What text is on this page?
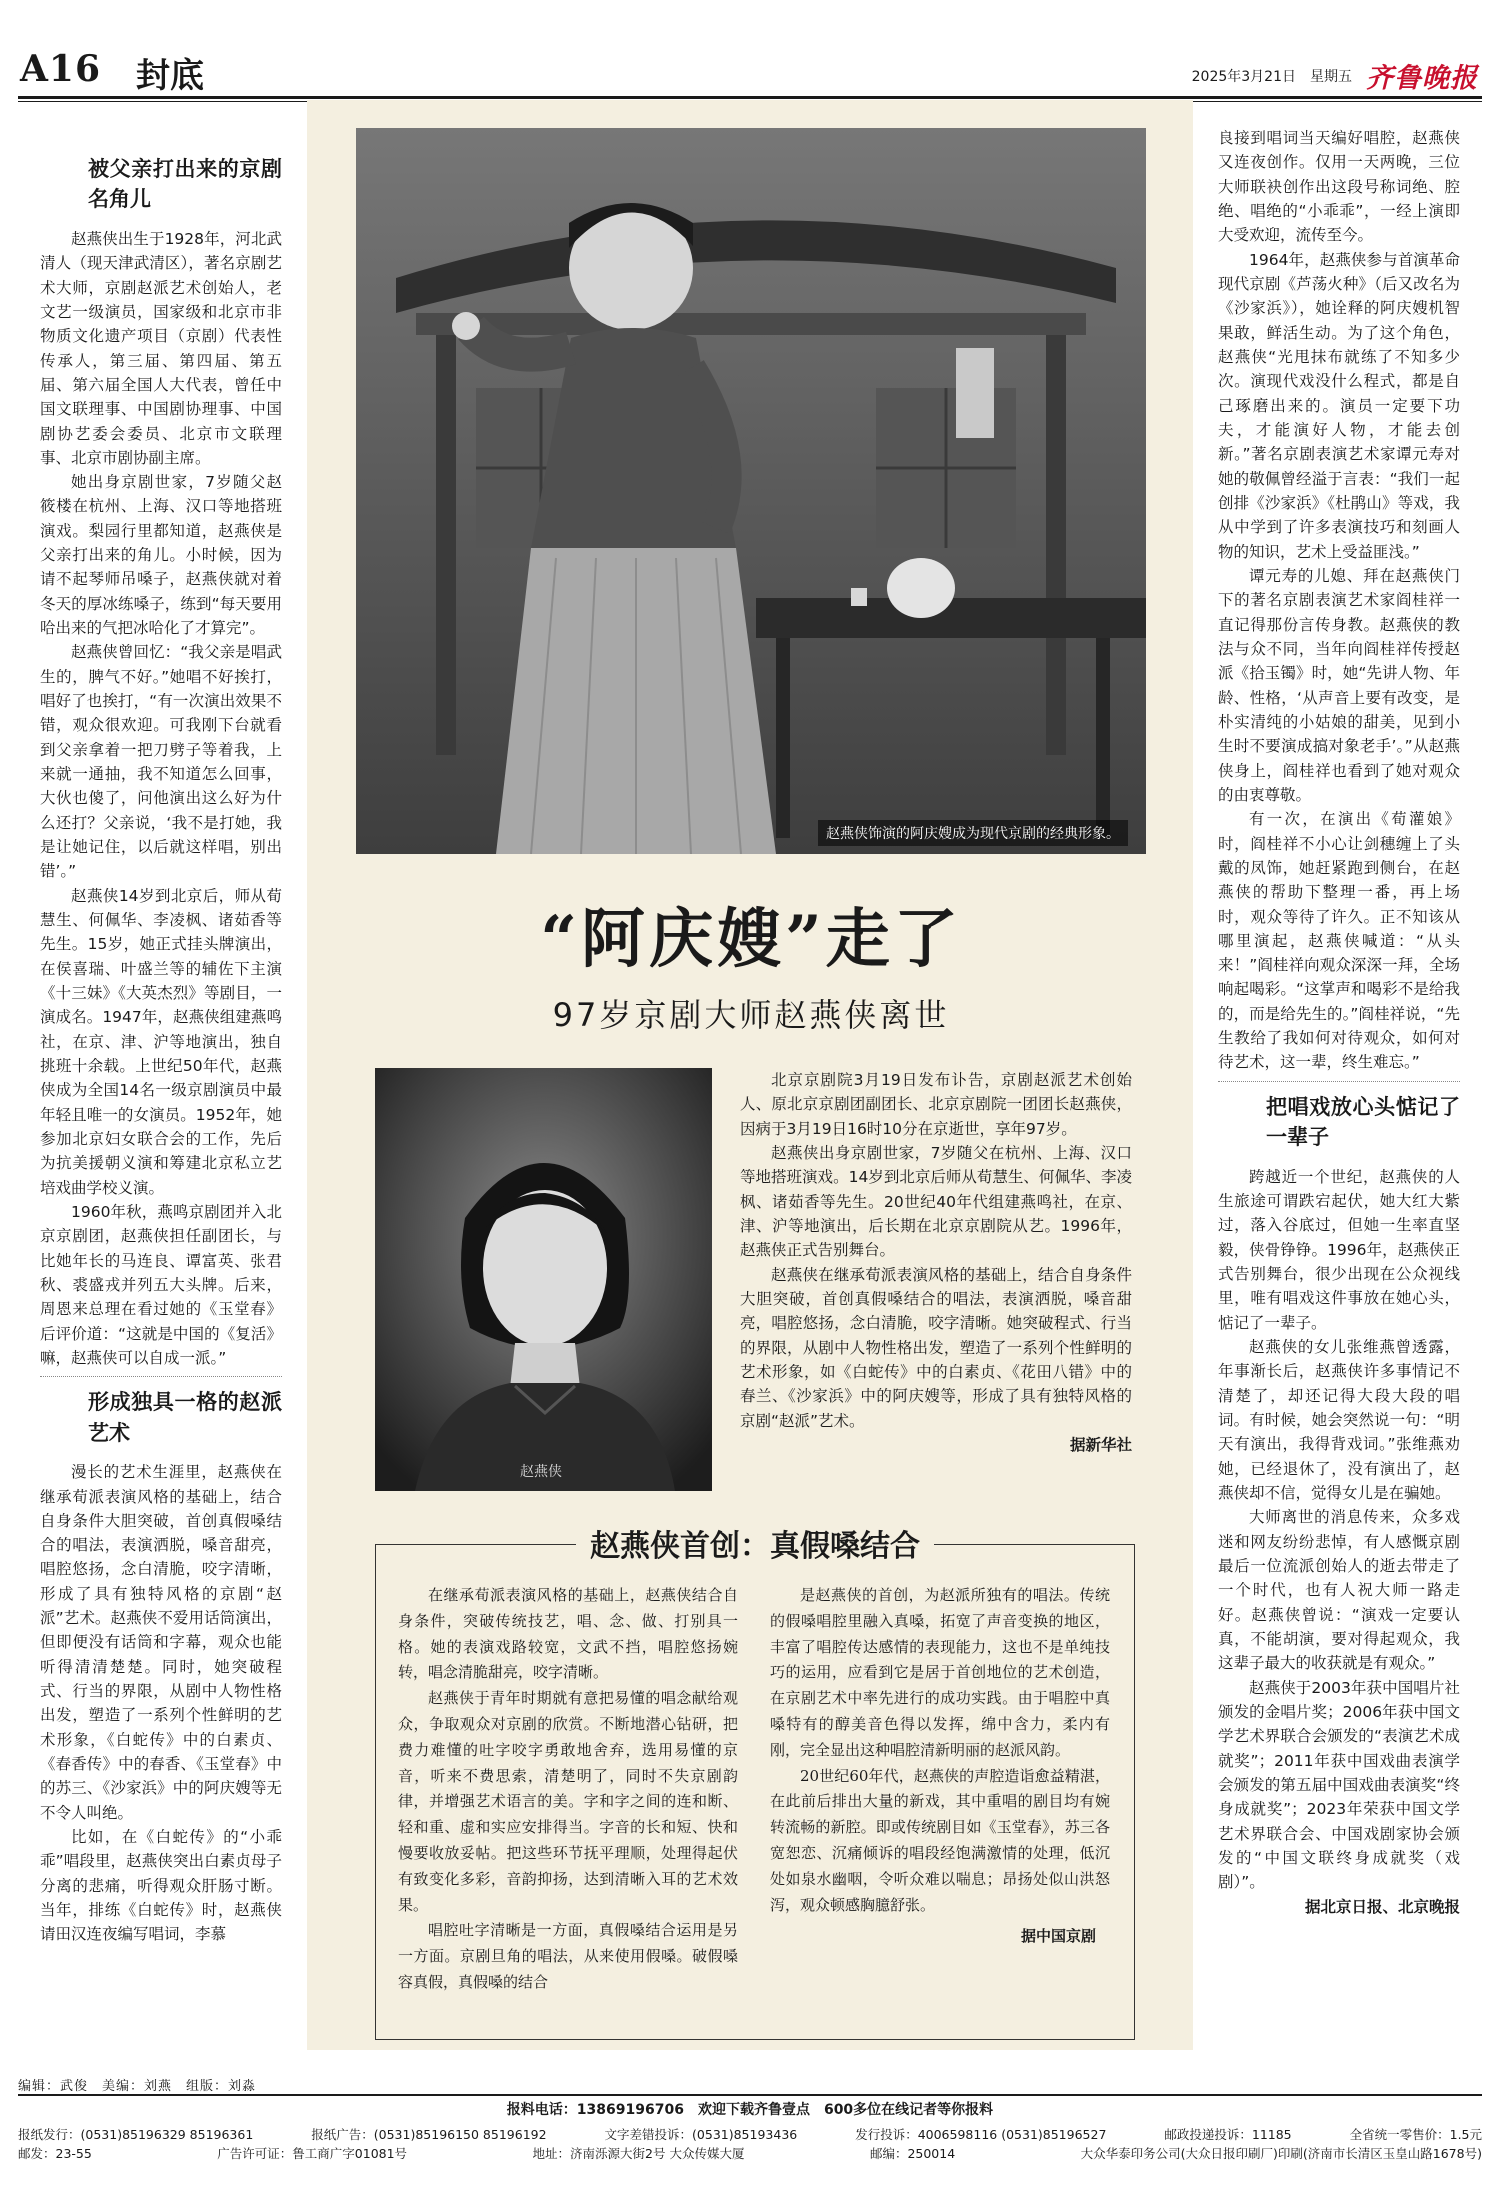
A16 封底	2025年3月21日 星期五 齐鲁晚报
被父亲打出来的京剧名角儿

赵燕侠出生于1928年，河北武清人（现天津武清区），著名京剧艺术大师，京剧赵派艺术创始人，老文艺一级演员，国家级和北京市非物质文化遗产项目（京剧）代表性传承人，第三届、第四届、第五届、第六届全国人大代表，曾任中国文联理事、中国剧协理事、中国剧协艺委会委员、北京市文联理事、北京市剧协副主席。

她出身京剧世家，7岁随父赵筱楼在杭州、上海、汉口等地搭班演戏。梨园行里都知道，赵燕侠是父亲打出来的角儿。小时候，因为请不起琴师吊嗓子，赵燕侠就对着冬天的厚冰练嗓子，练到“每天要用哈出来的气把冰哈化了才算完”。

赵燕侠曾回忆：“我父亲是唱武生的，脾气不好。”她唱不好挨打，唱好了也挨打，“有一次演出效果不错，观众很欢迎。可我刚下台就看到父亲拿着一把刀劈子等着我，上来就一通抽，我不知道怎么回事，大伙也傻了，问他演出这么好为什么还打？父亲说，‘我不是打她，我是让她记住，以后就这样唱，别出错’。”

赵燕侠14岁到北京后，师从荀慧生、何佩华、李凌枫、诸茹香等先生。15岁，她正式挂头牌演出，在侯喜瑞、叶盛兰等的辅佐下主演《十三妹》《大英杰烈》等剧目，一演成名。1947年，赵燕侠组建燕鸣社，在京、津、沪等地演出，独自挑班十余载。上世纪50年代，赵燕侠成为全国14名一级京剧演员中最年轻且唯一的女演员。1952年，她参加北京妇女联合会的工作，先后为抗美援朝义演和筹建北京私立艺培戏曲学校义演。

1960年秋，燕鸣京剧团并入北京京剧团，赵燕侠担任副团长，与比她年长的马连良、谭富英、张君秋、裘盛戎并列五大头牌。后来，周恩来总理在看过她的《玉堂春》后评价道：“这就是中国的《复活》嘛，赵燕侠可以自成一派。”

形成独具一格的赵派艺术

漫长的艺术生涯里，赵燕侠在继承荀派表演风格的基础上，结合自身条件大胆突破，首创真假嗓结合的唱法，表演洒脱，嗓音甜亮，唱腔悠扬，念白清脆，咬字清晰，形成了具有独特风格的京剧“赵派”艺术。赵燕侠不爱用话筒演出，但即便没有话筒和字幕，观众也能听得清清楚楚。同时，她突破程式、行当的界限，从剧中人物性格出发，塑造了一系列个性鲜明的艺术形象，《白蛇传》中的白素贞、《春香传》中的春香、《玉堂春》中的苏三、《沙家浜》中的阿庆嫂等无不令人叫绝。

比如，在《白蛇传》的“小乖乖”唱段里，赵燕侠突出白素贞母子分离的悲痛，听得观众肝肠寸断。当年，排练《白蛇传》时，赵燕侠请田汉连夜编写唱词，李慕

赵燕侠饰演的阿庆嫂成为现代京剧的经典形象。
“阿庆嫂”走了
97岁京剧大师赵燕侠离世
赵燕侠

北京京剧院3月19日发布讣告，京剧赵派艺术创始人、原北京京剧团副团长、北京京剧院一团团长赵燕侠，因病于3月19日16时10分在京逝世，享年97岁。

赵燕侠出身京剧世家，7岁随父在杭州、上海、汉口等地搭班演戏。14岁到北京后师从荀慧生、何佩华、李凌枫、诸茹香等先生。20世纪40年代组建燕鸣社，在京、津、沪等地演出，后长期在北京京剧院从艺。1996年，赵燕侠正式告别舞台。

赵燕侠在继承荀派表演风格的基础上，结合自身条件大胆突破，首创真假嗓结合的唱法，表演洒脱，嗓音甜亮，唱腔悠扬，念白清脆，咬字清晰。她突破程式、行当的界限，从剧中人物性格出发，塑造了一系列个性鲜明的艺术形象，如《白蛇传》中的白素贞、《花田八错》中的春兰、《沙家浜》中的阿庆嫂等，形成了具有独特风格的京剧“赵派”艺术。

据新华社
赵燕侠首创：真假嗓结合

在继承荀派表演风格的基础上，赵燕侠结合自身条件，突破传统技艺，唱、念、做、打别具一格。她的表演戏路较宽，文武不挡，唱腔悠扬婉转，唱念清脆甜亮，咬字清晰。

赵燕侠于青年时期就有意把易懂的唱念献给观众，争取观众对京剧的欣赏。不断地潜心钻研，把费力难懂的吐字咬字勇敢地舍弃，选用易懂的京音，听来不费思索，清楚明了，同时不失京剧韵律，并增强艺术语言的美。字和字之间的连和断、轻和重、虚和实应安排得当。字音的长和短、快和慢要收放妥帖。把这些环节抚平理顺，处理得起伏有致变化多彩，音韵抑扬，达到清晰入耳的艺术效果。

唱腔吐字清晰是一方面，真假嗓结合运用是另一方面。京剧旦角的唱法，从来使用假嗓。破假嗓容真假，真假嗓的结合

是赵燕侠的首创，为赵派所独有的唱法。传统的假嗓唱腔里融入真嗓，拓宽了声音变换的地区，丰富了唱腔传达感情的表现能力，这也不是单纯技巧的运用，应看到它是居于首创地位的艺术创造，在京剧艺术中率先进行的成功实践。由于唱腔中真嗓特有的醇美音色得以发挥，绵中含力，柔内有刚，完全显出这种唱腔清新明丽的赵派风韵。

20世纪60年代，赵燕侠的声腔造诣愈益精湛，在此前后排出大量的新戏，其中重唱的剧目均有婉转流畅的新腔。即或传统剧目如《玉堂春》，苏三各宽恕恋、沉痛倾诉的唱段经饱满激情的处理，低沉处如泉水幽咽，令听众难以喘息；昂扬处似山洪怒泻，观众顿感胸臆舒张。

据中国京剧

良接到唱词当天编好唱腔，赵燕侠又连夜创作。仅用一天两晚，三位大师联袂创作出这段号称词绝、腔绝、唱绝的“小乖乖”，一经上演即大受欢迎，流传至今。

1964年，赵燕侠参与首演革命现代京剧《芦荡火种》（后又改名为《沙家浜》），她诠释的阿庆嫂机智果敢，鲜活生动。为了这个角色，赵燕侠“光甩抹布就练了不知多少次。演现代戏没什么程式，都是自己琢磨出来的。演员一定要下功夫，才能演好人物，才能去创新。”著名京剧表演艺术家谭元寿对她的敬佩曾经溢于言表：“我们一起创排《沙家浜》《杜鹃山》等戏，我从中学到了许多表演技巧和刻画人物的知识，艺术上受益匪浅。”

谭元寿的儿媳、拜在赵燕侠门下的著名京剧表演艺术家阎桂祥一直记得那份言传身教。赵燕侠的教法与众不同，当年向阎桂祥传授赵派《拾玉镯》时，她“先讲人物、年龄、性格，‘从声音上要有改变，是朴实清纯的小姑娘的甜美，见到小生时不要演成搞对象老手’。”从赵燕侠身上，阎桂祥也看到了她对观众的由衷尊敬。

有一次，在演出《荀灌娘》时，阎桂祥不小心让剑穗缠上了头戴的凤饰，她赶紧跑到侧台，在赵燕侠的帮助下整理一番，再上场时，观众等待了许久。正不知该从哪里演起，赵燕侠喊道：“从头来！”阎桂祥向观众深深一拜，全场响起喝彩。“这掌声和喝彩不是给我的，而是给先生的。”阎桂祥说，“先生教给了我如何对待观众，如何对待艺术，这一辈，终生难忘。”

把唱戏放心头惦记了一辈子

跨越近一个世纪，赵燕侠的人生旅途可谓跌宕起伏，她大红大紫过，落入谷底过，但她一生率直坚毅，侠骨铮铮。1996年，赵燕侠正式告别舞台，很少出现在公众视线里，唯有唱戏这件事放在她心头，惦记了一辈子。

赵燕侠的女儿张维燕曾透露，年事渐长后，赵燕侠许多事情记不清楚了，却还记得大段大段的唱词。有时候，她会突然说一句：“明天有演出，我得背戏词。”张维燕劝她，已经退休了，没有演出了，赵燕侠却不信，觉得女儿是在骗她。

大师离世的消息传来，众多戏迷和网友纷纷悲悼，有人感慨京剧最后一位流派创始人的逝去带走了一个时代，也有人祝大师一路走好。赵燕侠曾说：“演戏一定要认真，不能胡演，要对得起观众，我这辈子最大的收获就是有观众。”

赵燕侠于2003年获中国唱片社颁发的金唱片奖；2006年获中国文学艺术界联合会颁发的“表演艺术成就奖”；2011年获中国戏曲表演学会颁发的第五届中国戏曲表演奖“终身成就奖”；2023年荣获中国文学艺术界联合会、中国戏剧家协会颁发的“中国文联终身成就奖（戏剧）”。

据北京日报、北京晚报
编辑：武俊　美编：刘燕　组版：刘淼
报料电话：13869196706　欢迎下载齐鲁壹点　600多位在线记者等你报料
报纸发行：(0531)85196329 85196361	报纸广告：(0531)85196150 85196192	文字差错投诉：(0531)85193436	发行投诉：4006598116 (0531)85196527	邮政投递投诉：11185	全省统一零售价：1.5元
邮发：23-55	广告许可证：鲁工商广字01081号	地址：济南泺源大街2号 大众传媒大厦	邮编：250014	大众华泰印务公司(大众日报印刷厂)印刷(济南市长清区玉皇山路1678号)
